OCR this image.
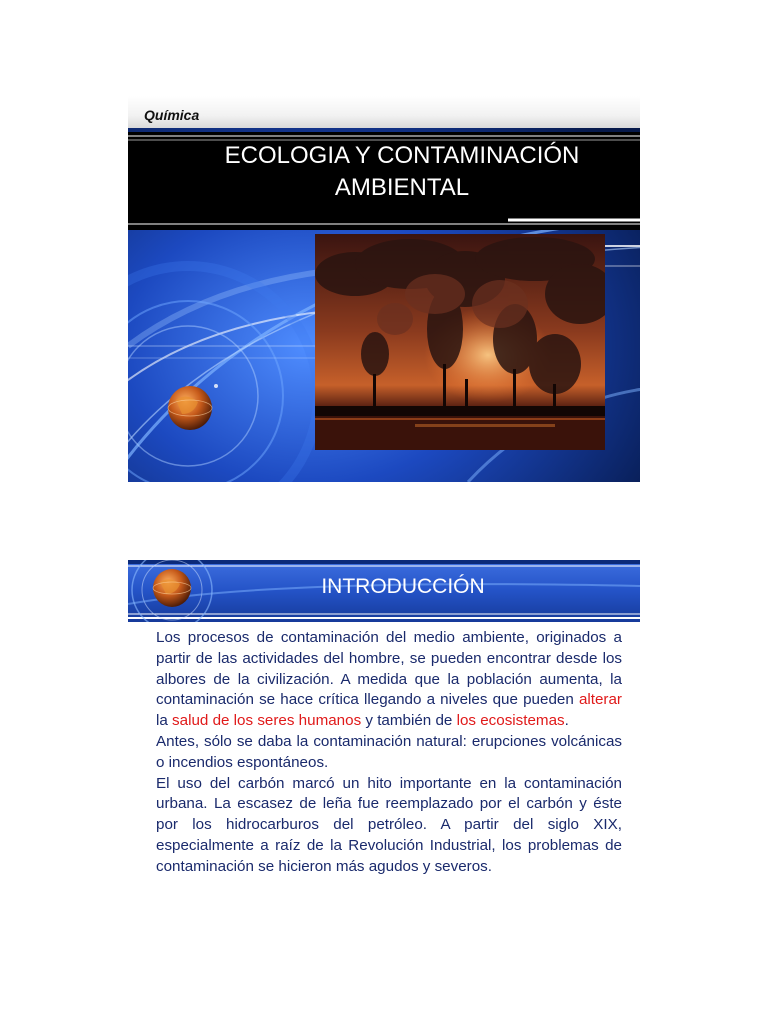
Química
ECOLOGIA Y CONTAMINACIÓN
AMBIENTAL
INTRODUCCIÓN

Los procesos de contaminación del medio ambiente, originados a partir de las actividades del hombre, se pueden encontrar desde los albores de la civilización. A medida que la población aumenta, la contaminación se hace crítica llegando a niveles que pueden alterar la salud de los seres humanos y también de los ecosistemas.

Antes, sólo se daba la contaminación natural: erupciones volcánicas o incendios espontáneos.

El uso del carbón marcó un hito importante en la contaminación urbana. La escasez de leña fue reemplazado por el carbón y éste por los hidrocarburos del petróleo. A partir del siglo XIX, especialmente a raíz de la Revolución Industrial, los problemas de contaminación se hicieron más agudos y severos.
